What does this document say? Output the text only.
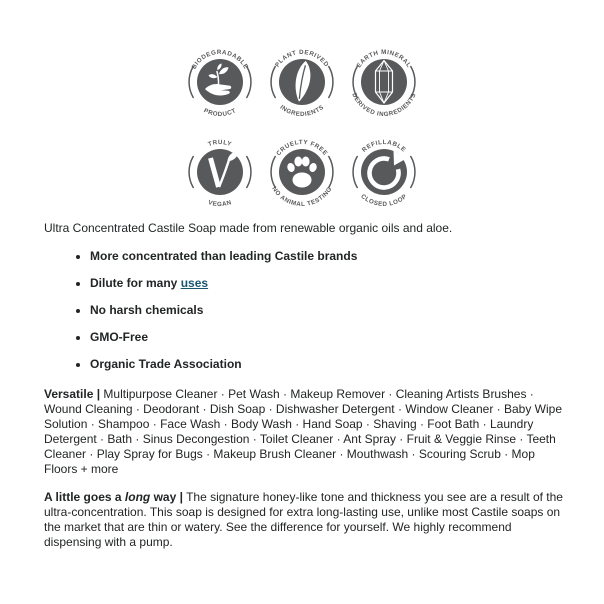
BIODEGRADABLE
PRODUCT
PLANT DERIVED
INGREDIENTS
EARTH MINERAL
DERIVED INGREDIENTS
TRULY
VEGAN
CRUELTY FREE
NO ANIMAL TESTING
REFILLABLE
CLOSED LOOP

Ultra Concentrated Castile Soap made from renewable organic oils and aloe.

• More concentrated than leading Castile brands
• Dilute for many uses
• No harsh chemicals
• GMO-Free
• Organic Trade Association

Versatile | Multipurpose Cleaner · Pet Wash · Makeup Remover · Cleaning Artists Brushes · Wound Cleaning · Deodorant · Dish Soap · Dishwasher Detergent · Window Cleaner · Baby Wipe Solution · Shampoo · Face Wash · Body Wash · Hand Soap · Shaving · Foot Bath · Laundry Detergent · Bath · Sinus Decongestion · Toilet Cleaner · Ant Spray · Fruit & Veggie Rinse · Teeth Cleaner · Play Spray for Bugs · Makeup Brush Cleaner · Mouthwash · Scouring Scrub · Mop Floors + more

A little goes a long way | The signature honey-like tone and thickness you see are a result of the ultra-concentration. This soap is designed for extra long-lasting use, unlike most Castile soaps on the market that are thin or watery. See the difference for yourself. We highly recommend dispensing with a pump.
